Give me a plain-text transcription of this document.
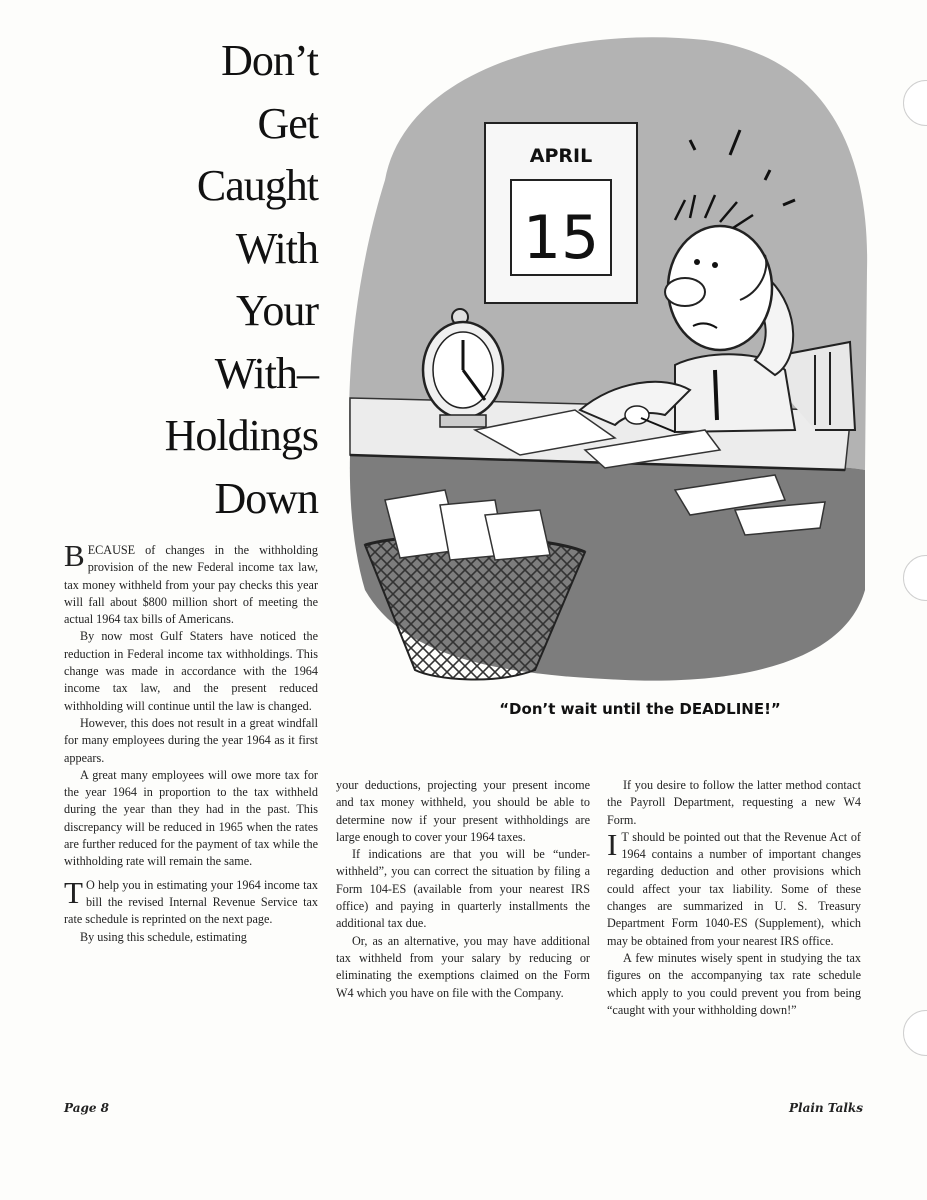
Don’t
Get
Caught
With
Your
With–
Holdings
Down
APRIL
15
“Don’t wait until the DEADLINE!”

BECAUSE of changes in the withholding provision of the new Federal income tax law, tax money withheld from your pay checks this year will fall about $800 million short of meeting the actual 1964 tax bills of Americans.

By now most Gulf Staters have noticed the reduction in Federal income tax withholdings. This change was made in accordance with the 1964 income tax law, and the present reduced withholding will continue until the law is changed.

However, this does not result in a great windfall for many employees during the year 1964 as it first appears.

A great many employees will owe more tax for the year 1964 in proportion to the tax withheld during the year than they had in the past. This discrepancy will be reduced in 1965 when the rates are further reduced for the payment of tax while the withholding rate will remain the same.

T O help you in estimating your 1964 income tax bill the revised Internal Revenue Service tax rate schedule is reprinted on the next page.

By using this schedule, estimating

your deductions, projecting your present income and tax money withheld, you should be able to determine now if your present withholdings are large enough to cover your 1964 taxes.

If indications are that you will be “under-withheld”, you can correct the situation by filing a Form 104-ES (available from your nearest IRS office) and paying in quarterly installments the additional tax due.

Or, as an alternative, you may have additional tax withheld from your salary by reducing or eliminating the exemptions claimed on the Form W4 which you have on file with the Company.

If you desire to follow the latter method contact the Payroll Department, requesting a new W4 Form.

I T should be pointed out that the Revenue Act of 1964 contains a number of important changes regarding deduction and other provisions which could affect your tax liability. Some of these changes are summarized in U. S. Treasury Department Form 1040-ES (Supplement), which may be obtained from your nearest IRS office.

A few minutes wisely spent in studying the tax figures on the accompanying tax rate schedule which apply to you could prevent you from being “caught with your withholding down!”

Page 8	Plain Talks
